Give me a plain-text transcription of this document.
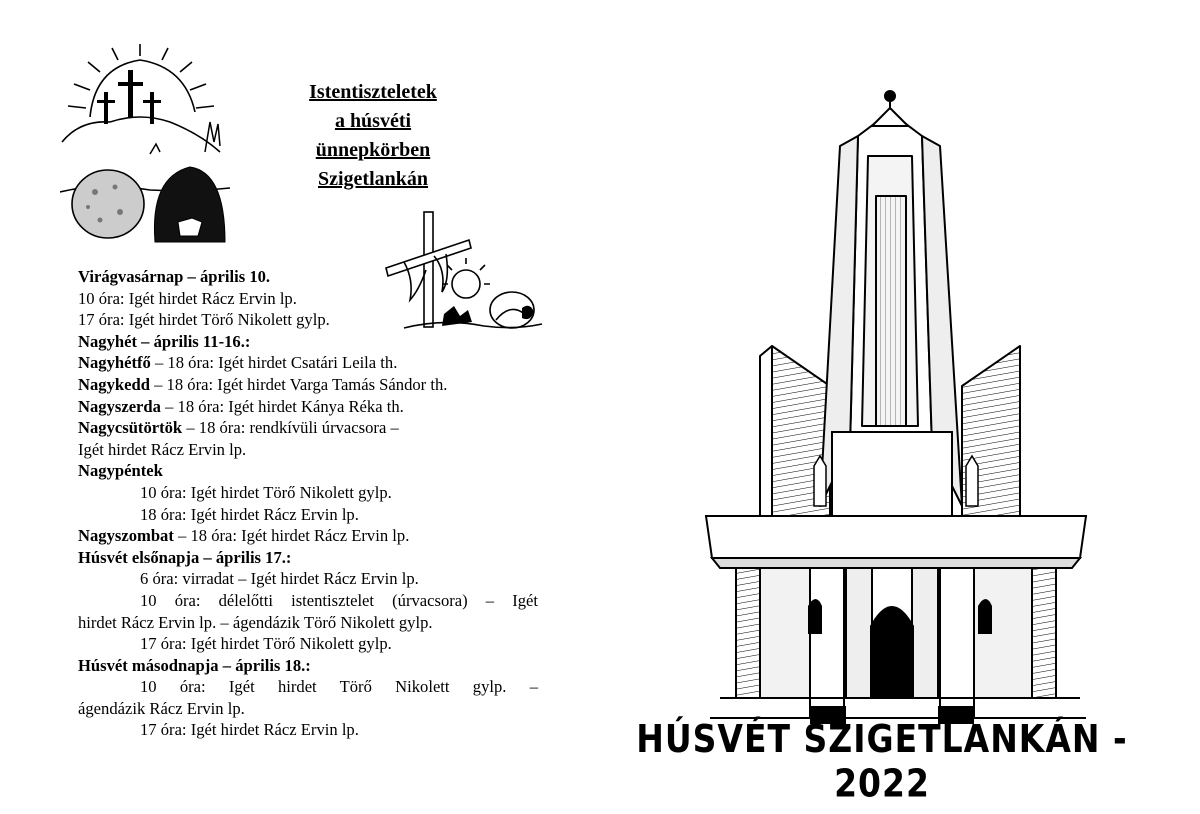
Istentiszteletek
a húsvéti
ünnepkörben
Szigetlankán
Virágvasárnap – április 10.
10 óra: Igét hirdet Rácz Ervin lp.
17 óra: Igét hirdet Törő Nikolett gylp.
Nagyhét – április 11-16.:
Nagyhétfő – 18 óra: Igét hirdet Csatári Leila th.
Nagykedd – 18 óra: Igét hirdet Varga Tamás Sándor th.
Nagyszerda – 18 óra: Igét hirdet Kánya Réka th.
Nagycsütörtök – 18 óra: rendkívüli úrvacsora –
Igét hirdet Rácz Ervin lp.
Nagypéntek
10 óra: Igét hirdet Törő Nikolett gylp.
18 óra: Igét hirdet Rácz Ervin lp.
Nagyszombat – 18 óra: Igét hirdet Rácz Ervin lp.
Húsvét elsőnapja – április 17.:
6 óra: virradat – Igét hirdet Rácz Ervin lp.
10 óra: délelőtti istentisztelet (úrvacsora) – Igét
hirdet Rácz Ervin lp. – ágendázik Törő Nikolett gylp.
17 óra: Igét hirdet Törő Nikolett gylp.
Húsvét másodnapja – április 18.:
10 óra: Igét hirdet Törő Nikolett gylp. –
ágendázik Rácz Ervin lp.
17 óra: Igét hirdet Rácz Ervin lp.	HÚSVÉT SZIGETLANKÁN - 2022
